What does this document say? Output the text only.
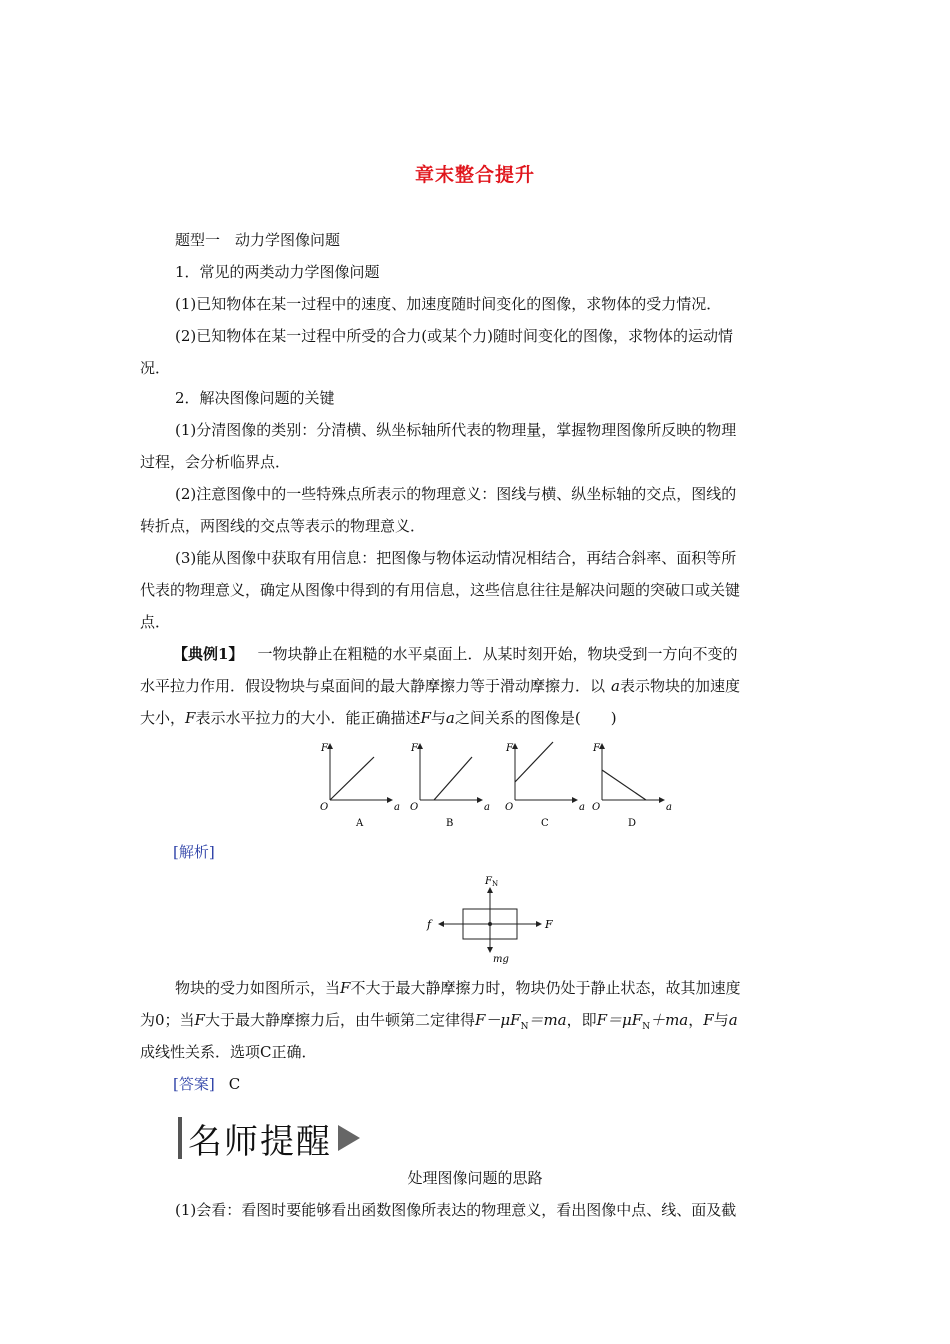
章末整合提升
题型一　动力学图像问题
1．常见的两类动力学图像问题
(1)已知物体在某一过程中的速度、加速度随时间变化的图像，求物体的受力情况．
(2)已知物体在某一过程中所受的合力(或某个力)随时间变化的图像，求物体的运动情
况．
2．解决图像问题的关键
(1)分清图像的类别：分清横、纵坐标轴所代表的物理量，掌握物理图像所反映的物理
过程，会分析临界点．
(2)注意图像中的一些特殊点所表示的物理意义：图线与横、纵坐标轴的交点，图线的
转折点，两图线的交点等表示的物理意义．
(3)能从图像中获取有用信息：把图像与物体运动情况相结合，再结合斜率、面积等所
代表的物理意义，确定从图像中得到的有用信息，这些信息往往是解决问题的突破口或关键
点．
【典例1】 一物块静止在粗糙的水平桌面上．从某时刻开始，物块受到一方向不变的
水平拉力作用．假设物块与桌面间的最大静摩擦力等于滑动摩擦力．以 a表示物块的加速度
大小，F表示水平拉力的大小．能正确描述F与a之间关系的图像是(　　)
F
a
O
A
F
a
O
B
F
a
O
C
F
a
O
D
[解析]
F N
f	F
mg
物块的受力如图所示，当F不大于最大静摩擦力时，物块仍处于静止状态，故其加速度
为0；当F大于最大静摩擦力后，由牛顿第二定律得$F-\mu F_N=ma$，即$F=\mu F_N+ma$，F与a
成线性关系．选项C正确．
[答案] C
名师提醒
处理图像问题的思路
(1)会看：看图时要能够看出函数图像所表达的物理意义，看出图像中点、线、面及截
